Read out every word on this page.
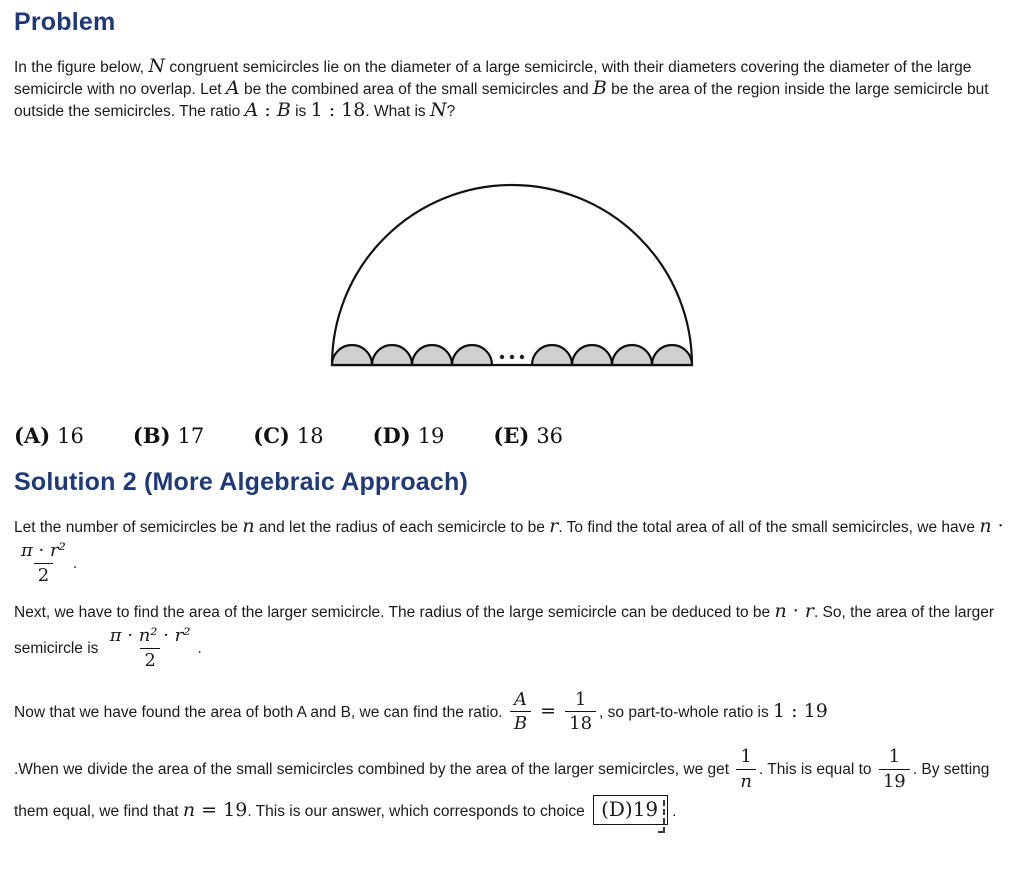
Problem

In the figure below, N congruent semicircles lie on the diameter of a large semicircle, with their diameters covering the diameter of the large semicircle with no overlap. Let A be the combined area of the small semicircles and B be the area of the region inside the large semicircle but outside the semicircles. The ratio A : B is 1 : 18. What is N?

(A) 16 (B) 17 (C) 18 (D) 19 (E) 36
Solution 2 (More Algebraic Approach)

Let the number of semicircles be n and let the radius of each semicircle to be r. To find the total area of all of the small semicircles, we have n ·
$\frac{\text{π · r²}}{2}$ .

Next, we have to find the area of the larger semicircle. The radius of the large semicircle can be deduced to be n · r. So, the area of the larger semicircle is $\frac{\text{π · n² · r²}}{2}$ .

Now that we have found the area of both A and B, we can find the ratio. $\frac{A}{B} = \frac{1}{18}$ , so part-to-whole ratio is 1 : 19

.When we divide the area of the small semicircles combined by the area of the larger semicircles, we get $\frac{1}{n}$ . This is equal to $\frac{1}{19}$ . By setting them equal, we find that n = 19. This is our answer, which corresponds to choice (D)19 .
